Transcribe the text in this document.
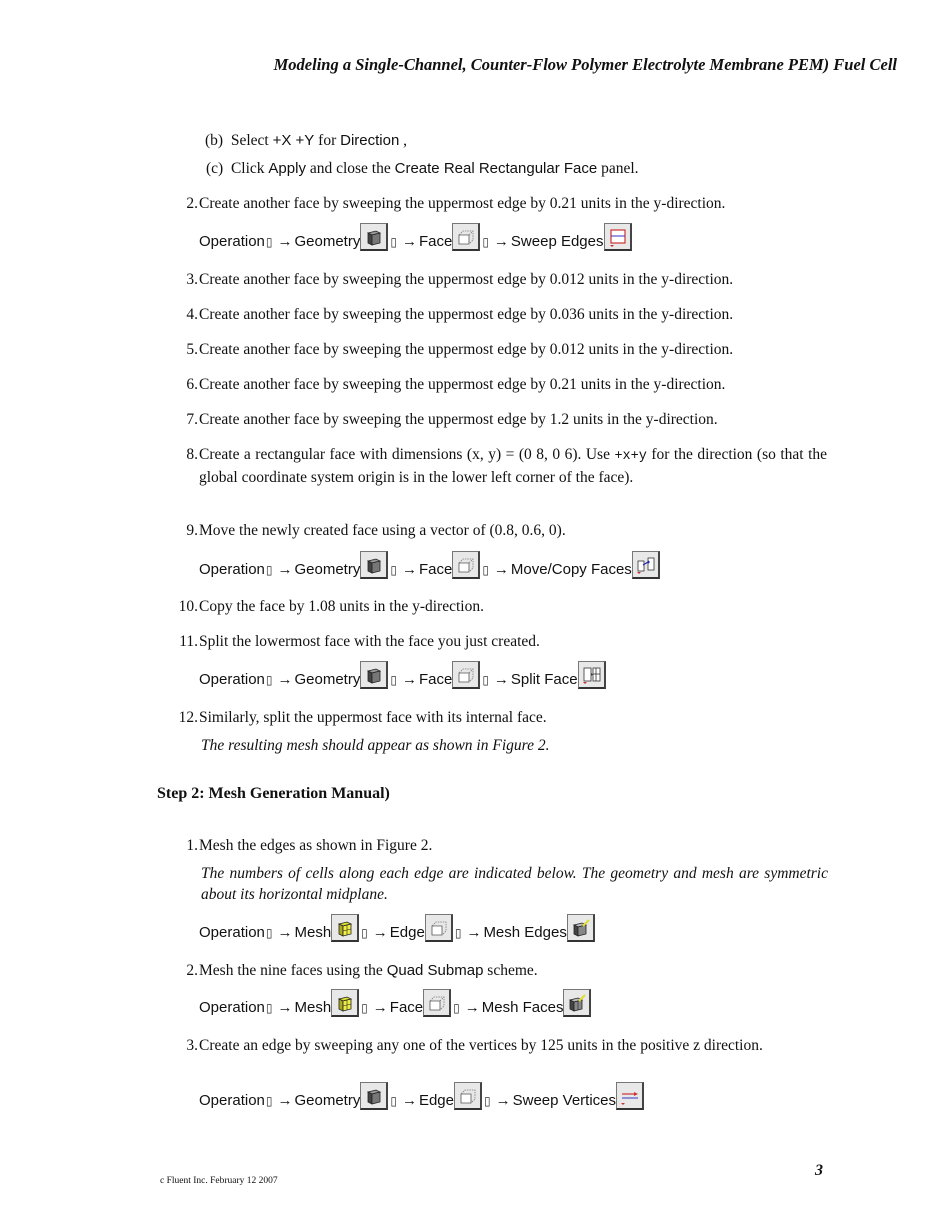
Modeling a Single-Channel, Counter-Flow Polymer Electrolyte Membrane PEM) Fuel Cell
(b) Select +X +Y for Direction ,
(c) Click Apply and close the Create Real Rectangular Face panel.
2. Create another face by sweeping the uppermost edge by 0.21 units in the y-direction.
Operation ▯ → Geometry	▯ → Face	▯ → Sweep Edges
3. Create another face by sweeping the uppermost edge by 0.012 units in the y-direction.
4. Create another face by sweeping the uppermost edge by 0.036 units in the y-direction.
5. Create another face by sweeping the uppermost edge by 0.012 units in the y-direction.
6. Create another face by sweeping the uppermost edge by 0.21 units in the y-direction.
7. Create another face by sweeping the uppermost edge by 1.2 units in the y-direction.
8. Create a rectangular face with dimensions (x, y) = (0 8, 0 6). Use +x+y for the direction (so that the global coordinate system origin is in the lower left corner of the face).
9. Move the newly created face using a vector of (0.8, 0.6, 0).
Operation ▯ → Geometry	▯ → Face	▯ → Move/Copy Faces
10. Copy the face by 1.08 units in the y-direction.
11. Split the lowermost face with the face you just created.
Operation ▯ → Geometry	▯ → Face	▯ → Split Face
12. Similarly, split the uppermost face with its internal face.
The resulting mesh should appear as shown in Figure 2.
Step 2: Mesh Generation Manual)
1. Mesh the edges as shown in Figure 2.
The numbers of cells along each edge are indicated below. The geometry and mesh are symmetric about its horizontal midplane.
Operation ▯ → Mesh	▯ → Edge	▯ → Mesh Edges
2. Mesh the nine faces using the Quad Submap scheme.
Operation ▯ → Mesh	▯ → Face	▯ → Mesh Faces
3. Create an edge by sweeping any one of the vertices by 125 units in the positive z direction.
Operation ▯ → Geometry	▯ → Edge	▯ → Sweep Vertices
c Fluent Inc. February 12 2007
3
